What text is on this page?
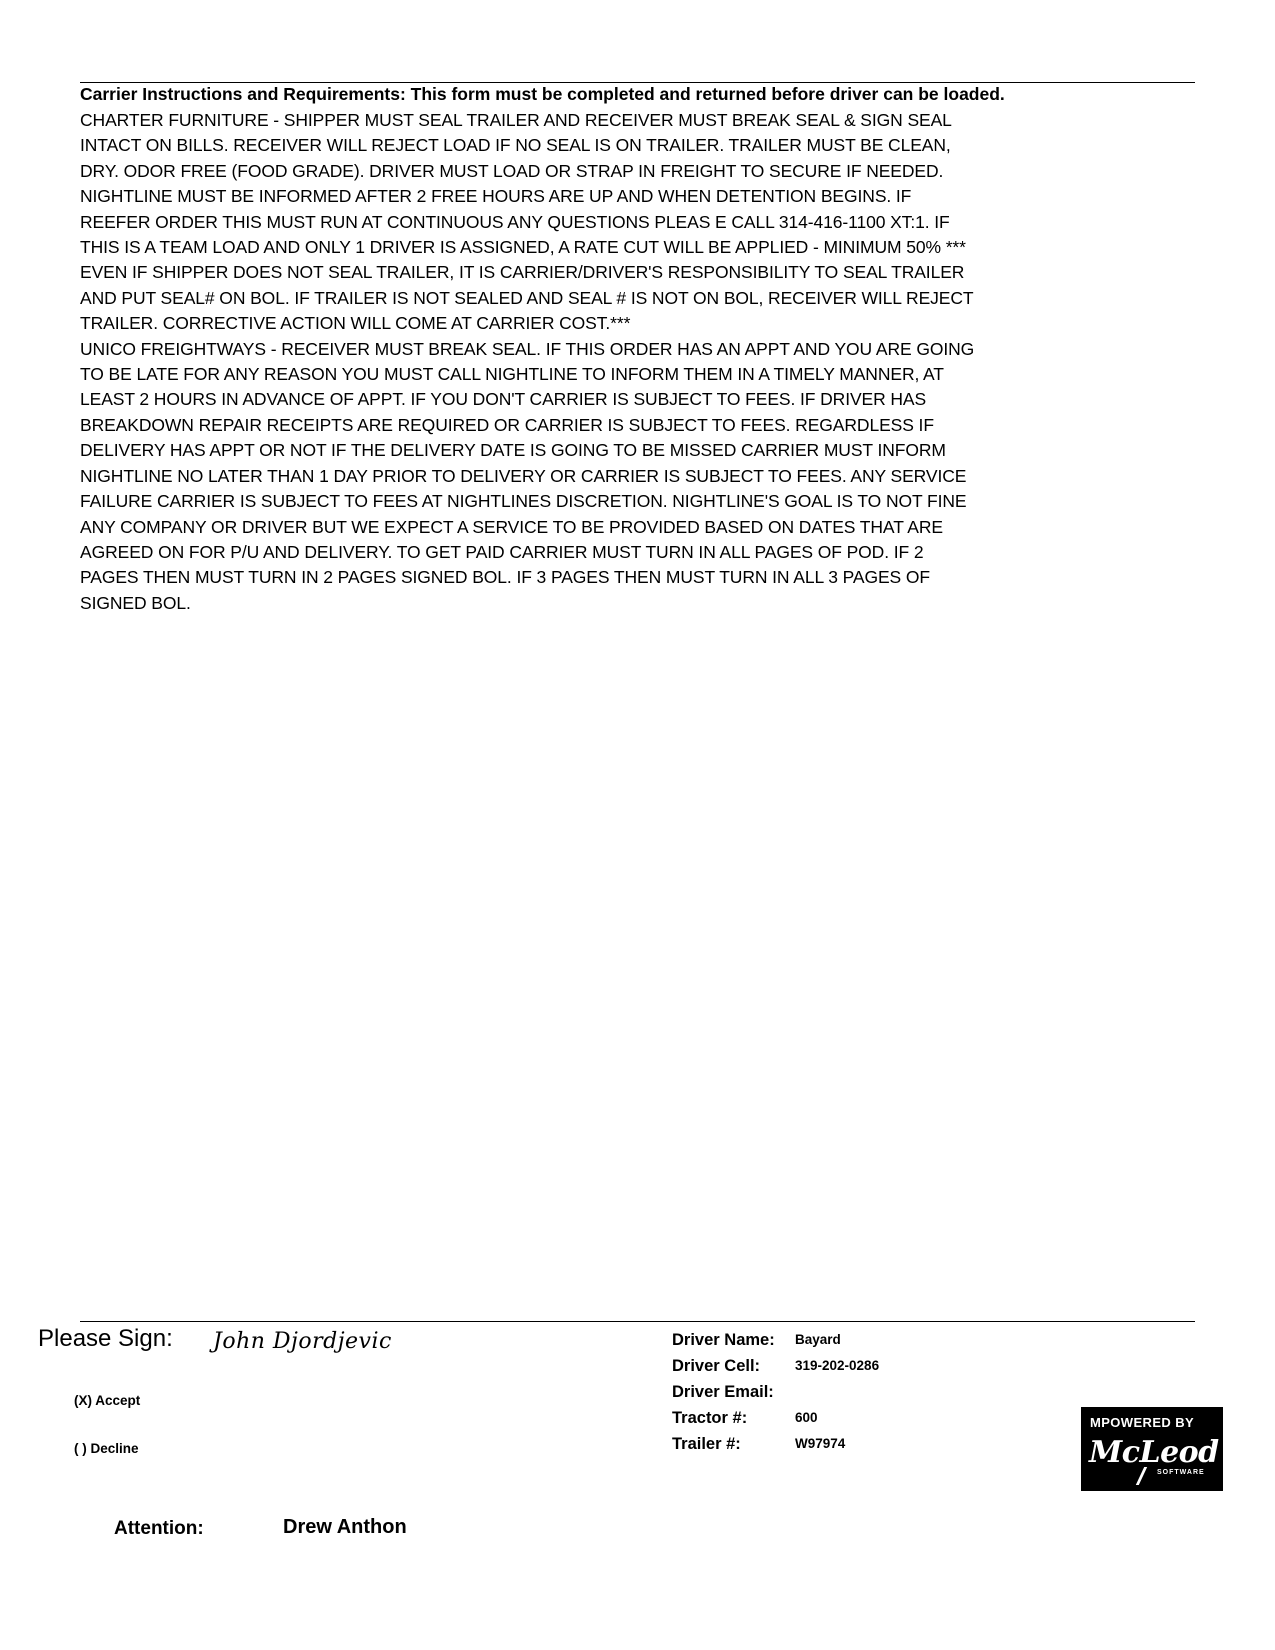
Carrier Instructions and Requirements: This form must be completed and returned before driver can be loaded.
CHARTER FURNITURE - SHIPPER MUST SEAL TRAILER AND RECEIVER MUST BREAK SEAL & SIGN SEAL
INTACT ON BILLS. RECEIVER WILL REJECT LOAD IF NO SEAL IS ON TRAILER. TRAILER MUST BE CLEAN,
DRY. ODOR FREE (FOOD GRADE). DRIVER MUST LOAD OR STRAP IN FREIGHT TO SECURE IF NEEDED.
NIGHTLINE MUST BE INFORMED AFTER 2 FREE HOURS ARE UP AND WHEN DETENTION BEGINS. IF
REEFER ORDER THIS MUST RUN AT CONTINUOUS ANY QUESTIONS PLEAS E CALL 314-416-1100 XT:1. IF
THIS IS A TEAM LOAD AND ONLY 1 DRIVER IS ASSIGNED, A RATE CUT WILL BE APPLIED - MINIMUM 50% ***
EVEN IF SHIPPER DOES NOT SEAL TRAILER, IT IS CARRIER/DRIVER'S RESPONSIBILITY TO SEAL TRAILER
AND PUT SEAL# ON BOL. IF TRAILER IS NOT SEALED AND SEAL # IS NOT ON BOL, RECEIVER WILL REJECT
TRAILER. CORRECTIVE ACTION WILL COME AT CARRIER COST.***
UNICO FREIGHTWAYS - RECEIVER MUST BREAK SEAL. IF THIS ORDER HAS AN APPT AND YOU ARE GOING
TO BE LATE FOR ANY REASON YOU MUST CALL NIGHTLINE TO INFORM THEM IN A TIMELY MANNER, AT
LEAST 2 HOURS IN ADVANCE OF APPT. IF YOU DON'T CARRIER IS SUBJECT TO FEES. IF DRIVER HAS
BREAKDOWN REPAIR RECEIPTS ARE REQUIRED OR CARRIER IS SUBJECT TO FEES. REGARDLESS IF
DELIVERY HAS APPT OR NOT IF THE DELIVERY DATE IS GOING TO BE MISSED CARRIER MUST INFORM
NIGHTLINE NO LATER THAN 1 DAY PRIOR TO DELIVERY OR CARRIER IS SUBJECT TO FEES. ANY SERVICE
FAILURE CARRIER IS SUBJECT TO FEES AT NIGHTLINES DISCRETION. NIGHTLINE'S GOAL IS TO NOT FINE
ANY COMPANY OR DRIVER BUT WE EXPECT A SERVICE TO BE PROVIDED BASED ON DATES THAT ARE
AGREED ON FOR P/U AND DELIVERY. TO GET PAID CARRIER MUST TURN IN ALL PAGES OF POD. IF 2
PAGES THEN MUST TURN IN 2 PAGES SIGNED BOL. IF 3 PAGES THEN MUST TURN IN ALL 3 PAGES OF
SIGNED BOL.
Please Sign: John Djordjevic
(X) Accept
( ) Decline
Driver Name:
Driver Cell:
Driver Email:
Tractor #:
Trailer #:
Bayard
319-202-0286
600
W97974
MPOWERED BY
McLeod
SOFTWARE
Attention:	Drew Anthon
